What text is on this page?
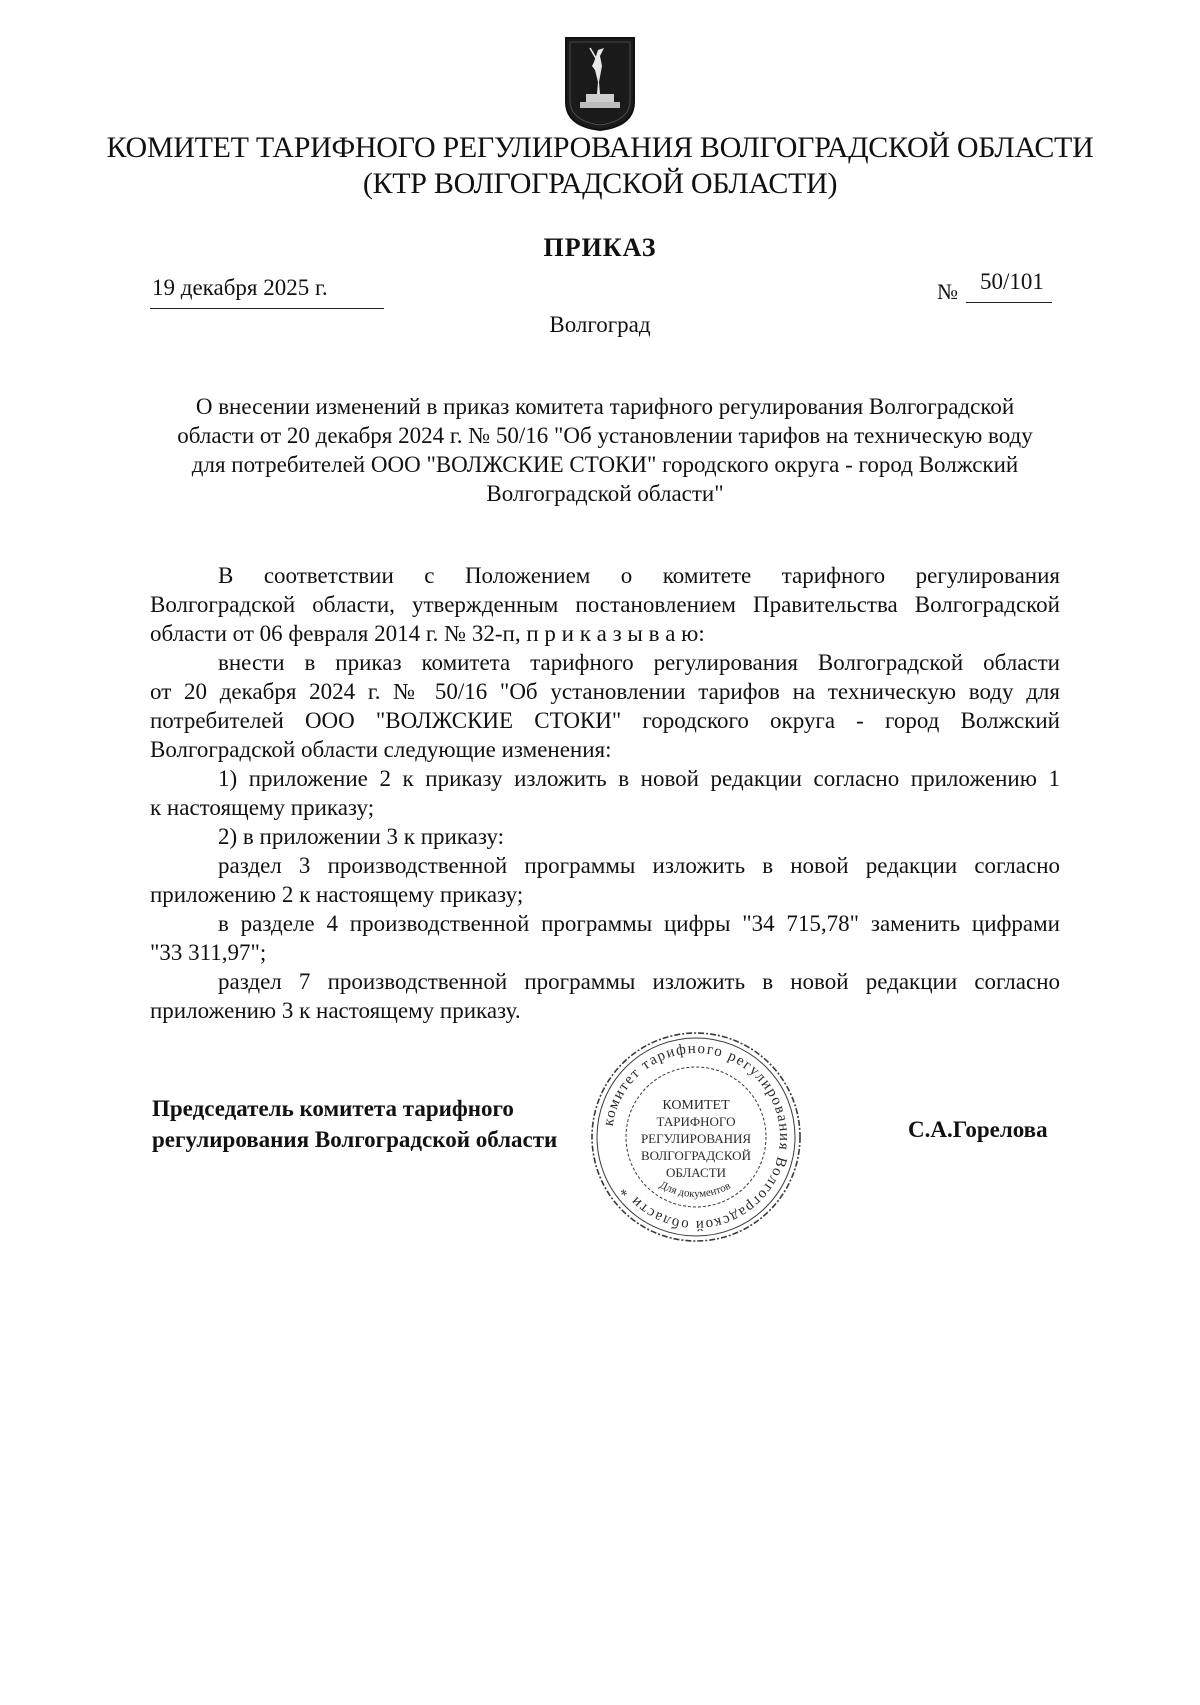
КОМИТЕТ ТАРИФНОГО РЕГУЛИРОВАНИЯ ВОЛГОГРАДСКОЙ ОБЛАСТИ
(КТР ВОЛГОГРАДСКОЙ ОБЛАСТИ)
ПРИКАЗ
19 декабря 2025 г.	№ 50/101
Волгоград
О внесении изменений в приказ комитета тарифного регулирования Волгоградской
области от 20 декабря 2024 г. № 50/16 "Об установлении тарифов на техническую воду
для потребителей ООО "ВОЛЖСКИЕ СТОКИ" городского округа - город Волжский
Волгоградской области"
В соответствии с Положением о комитете тарифного регулирования
Волгоградской области, утвержденным постановлением Правительства Волгоградской
области от 06 февраля 2014 г. № 32-п, п р и к а з ы в а ю:
внести в приказ комитета тарифного регулирования Волгоградской области
от 20 декабря 2024 г. № 50/16 "Об установлении тарифов на техническую воду для
потребителей ООО "ВОЛЖСКИЕ СТОКИ" городского округа - город Волжский
Волгоградской области следующие изменения:
1) приложение 2 к приказу изложить в новой редакции согласно приложению 1
к настоящему приказу;
2) в приложении 3 к приказу:
раздел 3 производственной программы изложить в новой редакции согласно
приложению 2 к настоящему приказу;
в разделе 4 производственной программы цифры "34 715,78" заменить цифрами
"33 311,97";
раздел 7 производственной программы изложить в новой редакции согласно
приложению 3 к настоящему приказу.
Председатель комитета тарифного
регулирования Волгоградской области	С.А.Горелова
комитет тарифного регулирования Волгоградской области *
КОМИТЕТ
ТАРИФНОГО
РЕГУЛИРОВАНИЯ
ВОЛГОГРАДСКОЙ
ОБЛАСТИ
Для документов
